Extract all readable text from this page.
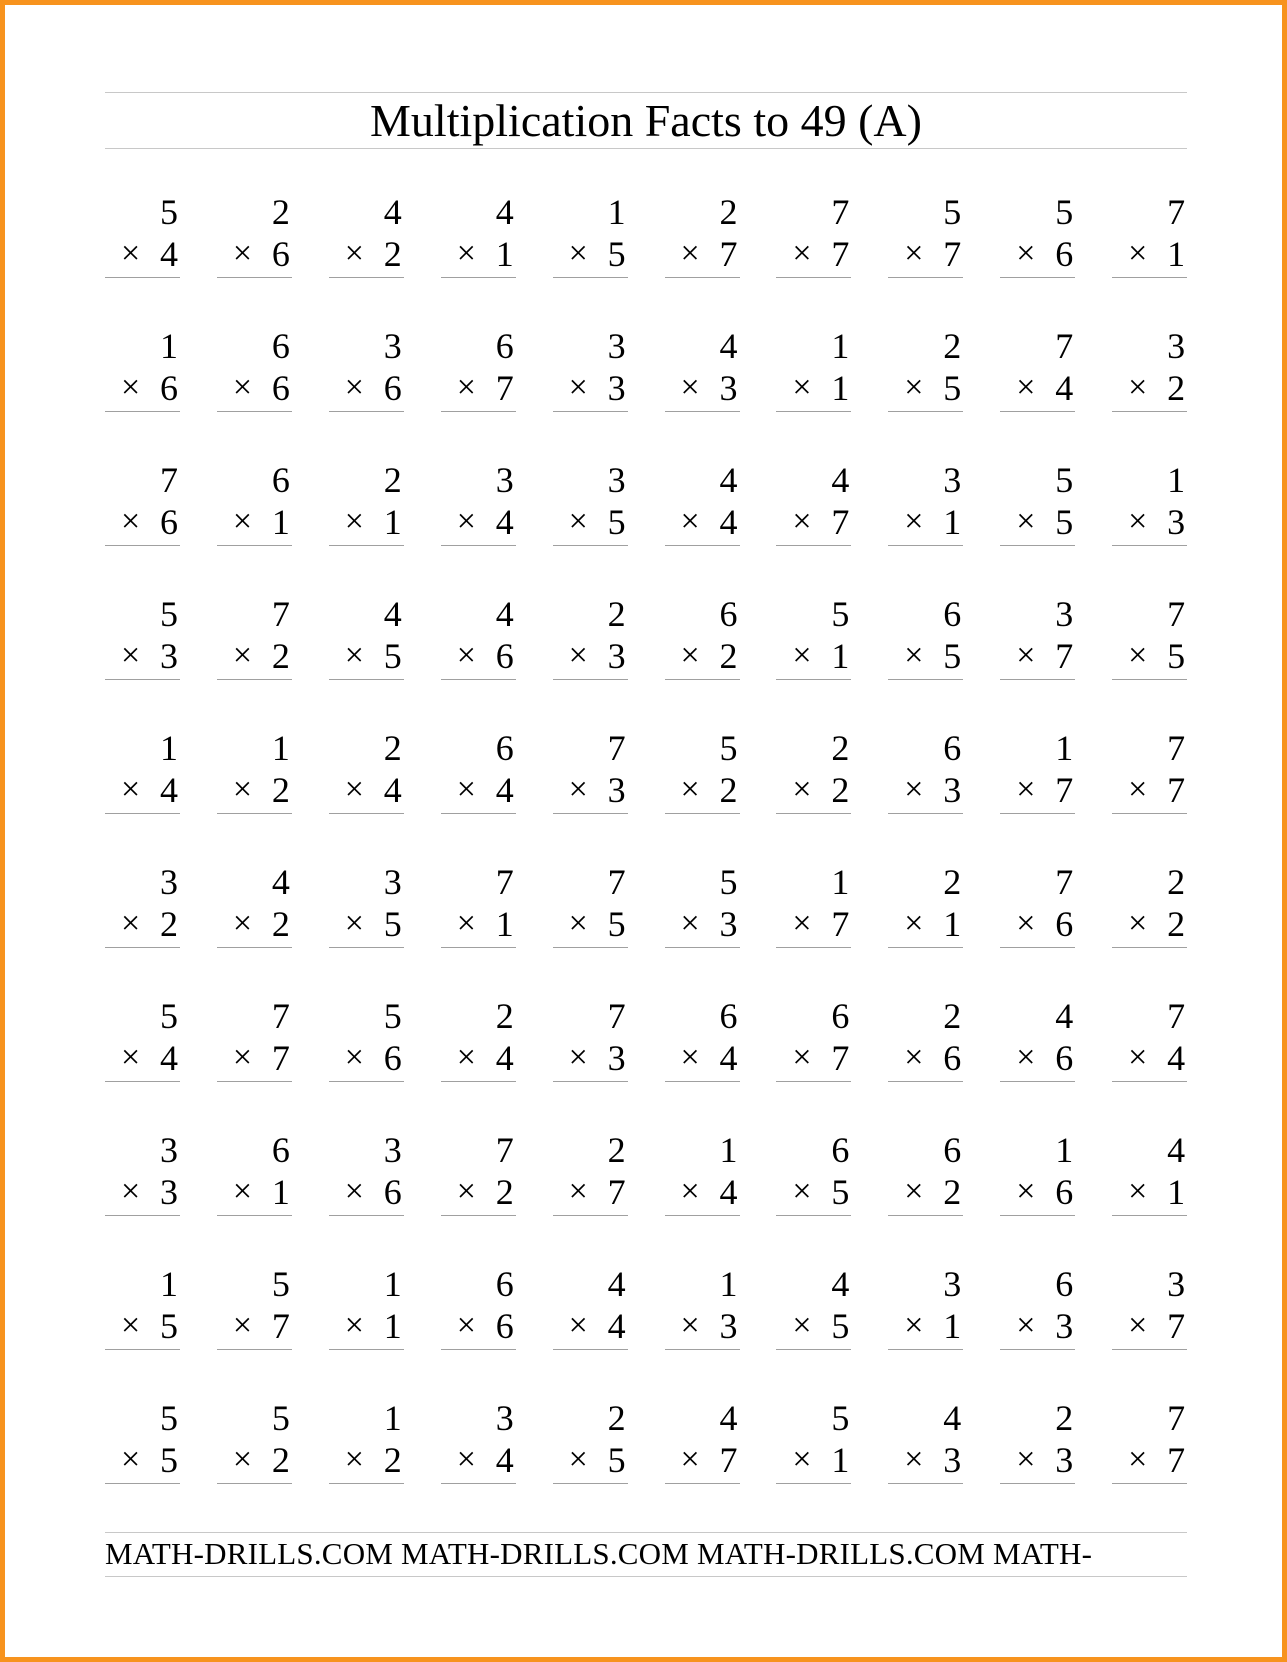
Multiplication Facts to 49 (A)
5
× 4
2
× 6
4
× 2
4
× 1
1
× 5
2
× 7
7
× 7
5
× 7
5
× 6
7
× 1
1
× 6
6
× 6
3
× 6
6
× 7
3
× 3
4
× 3
1
× 1
2
× 5
7
× 4
3
× 2
7
× 6
6
× 1
2
× 1
3
× 4
3
× 5
4
× 4
4
× 7
3
× 1
5
× 5
1
× 3
5
× 3
7
× 2
4
× 5
4
× 6
2
× 3
6
× 2
5
× 1
6
× 5
3
× 7
7
× 5
1
× 4
1
× 2
2
× 4
6
× 4
7
× 3
5
× 2
2
× 2
6
× 3
1
× 7
7
× 7
3
× 2
4
× 2
3
× 5
7
× 1
7
× 5
5
× 3
1
× 7
2
× 1
7
× 6
2
× 2
5
× 4
7
× 7
5
× 6
2
× 4
7
× 3
6
× 4
6
× 7
2
× 6
4
× 6
7
× 4
3
× 3
6
× 1
3
× 6
7
× 2
2
× 7
1
× 4
6
× 5
6
× 2
1
× 6
4
× 1
1
× 5
5
× 7
1
× 1
6
× 6
4
× 4
1
× 3
4
× 5
3
× 1
6
× 3
3
× 7
5
× 5
5
× 2
1
× 2
3
× 4
2
× 5
4
× 7
5
× 1
4
× 3
2
× 3
7
× 7
MATH-DRILLS.COM MATH-DRILLS.COM MATH-DRILLS.COM MATH-
